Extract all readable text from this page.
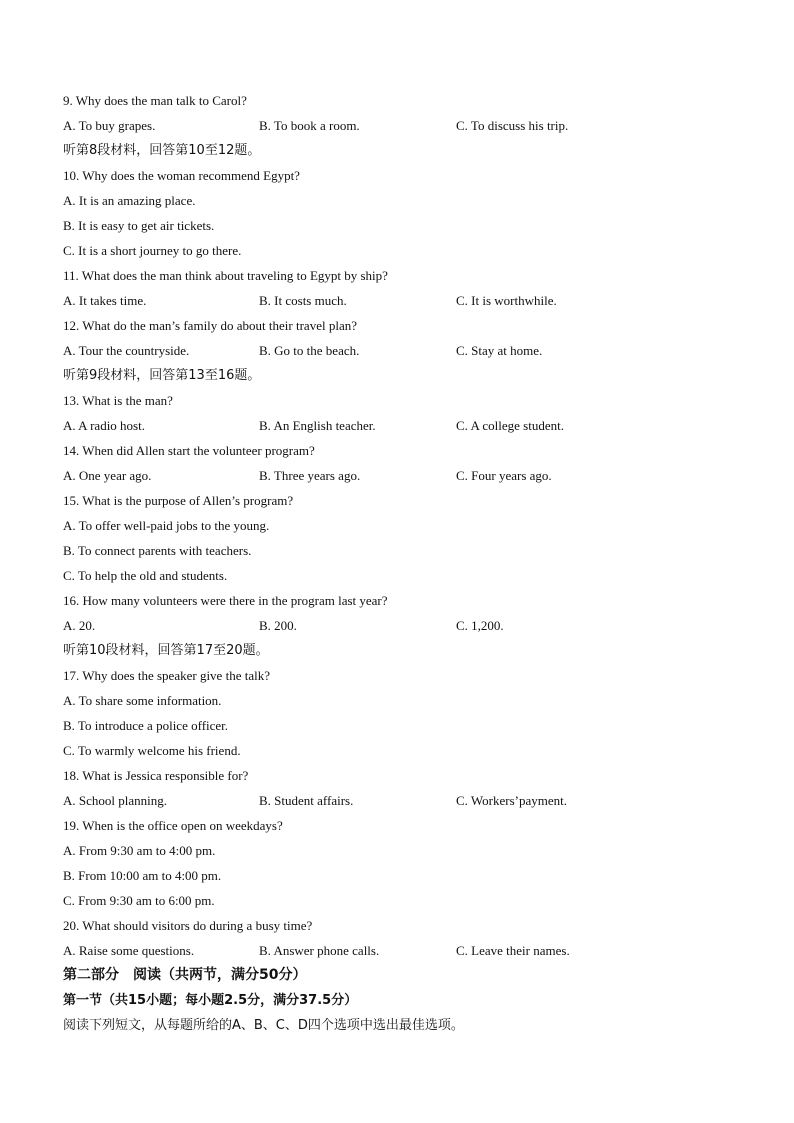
9. Why does the man talk to Carol?
A. To buy grapes.	B. To book a room.	C. To discuss his trip.
听第8段材料，回答第10至12题。
10. Why does the woman recommend Egypt?
A. It is an amazing place.
B. It is easy to get air tickets.
C. It is a short journey to go there.
11. What does the man think about traveling to Egypt by ship?
A. It takes time.	B. It costs much.	C. It is worthwhile.
12. What do the man’s family do about their travel plan?
A. Tour the countryside.	B. Go to the beach.	C. Stay at home.
听第9段材料，回答第13至16题。
13. What is the man?
A. A radio host.	B. An English teacher.	C. A college student.
14. When did Allen start the volunteer program?
A. One year ago.	B. Three years ago.	C. Four years ago.
15. What is the purpose of Allen’s program?
A. To offer well-paid jobs to the young.
B. To connect parents with teachers.
C. To help the old and students.
16. How many volunteers were there in the program last year?
A. 20.	B. 200.	C. 1,200.
听第10段材料，回答第17至20题。
17. Why does the speaker give the talk?
A. To share some information.
B. To introduce a police officer.
C. To warmly welcome his friend.
18. What is Jessica responsible for?
A. School planning.	B. Student affairs.	C. Workers’payment.
19. When is the office open on weekdays?
A. From 9:30 am to 4:00 pm.
B. From 10:00 am to 4:00 pm.
C. From 9:30 am to 6:00 pm.
20. What should visitors do during a busy time?
A. Raise some questions.	B. Answer phone calls.	C. Leave their names.
第二部分　阅读（共两节，满分50分）
第一节（共15小题；每小题2.5分，满分37.5分）
阅读下列短文，从每题所给的A、B、C、D四个选项中选出最佳选项。
